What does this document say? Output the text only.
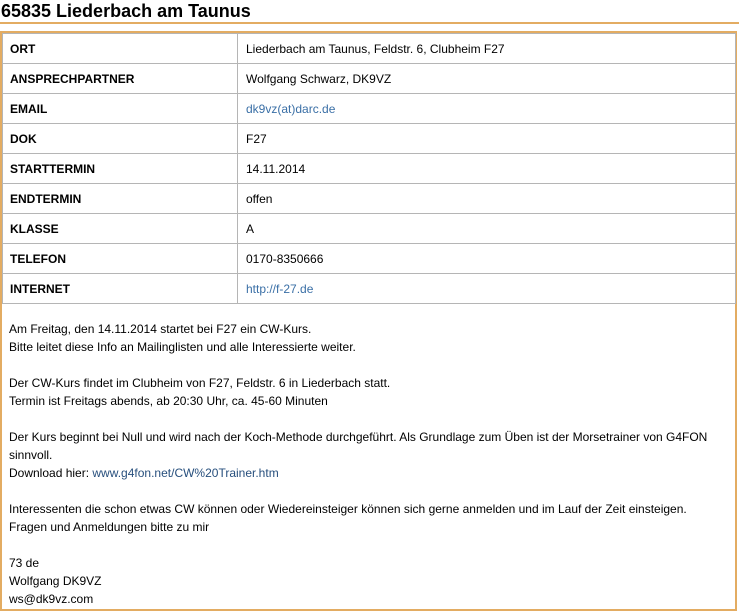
65835 Liederbach am Taunus
ORT	Liederbach am Taunus, Feldstr. 6, Clubheim F27
ANSPRECHPARTNER	Wolfgang Schwarz, DK9VZ
EMAIL	dk9vz(at)darc.de
DOK	F27
STARTTERMIN	14.11.2014
ENDTERMIN	offen
KLASSE	A
TELEFON	0170-8350666
INTERNET	http://f-27.de

Am Freitag, den 14.11.2014 startet bei F27 ein CW-Kurs.
Bitte leitet diese Info an Mailinglisten und alle Interessierte weiter.

Der CW-Kurs findet im Clubheim von F27, Feldstr. 6 in Liederbach statt.
Termin ist Freitags abends, ab 20:30 Uhr, ca. 45-60 Minuten

Der Kurs beginnt bei Null und wird nach der Koch-Methode durchgeführt. Als Grundlage zum Üben ist der Morsetrainer von G4FON sinnvoll.
Download hier: www.g4fon.net/CW%20Trainer.htm

Interessenten die schon etwas CW können oder Wiedereinsteiger können sich gerne anmelden und im Lauf der Zeit einsteigen.
Fragen und Anmeldungen bitte zu mir

73 de
Wolfgang DK9VZ
ws@dk9vz.com
